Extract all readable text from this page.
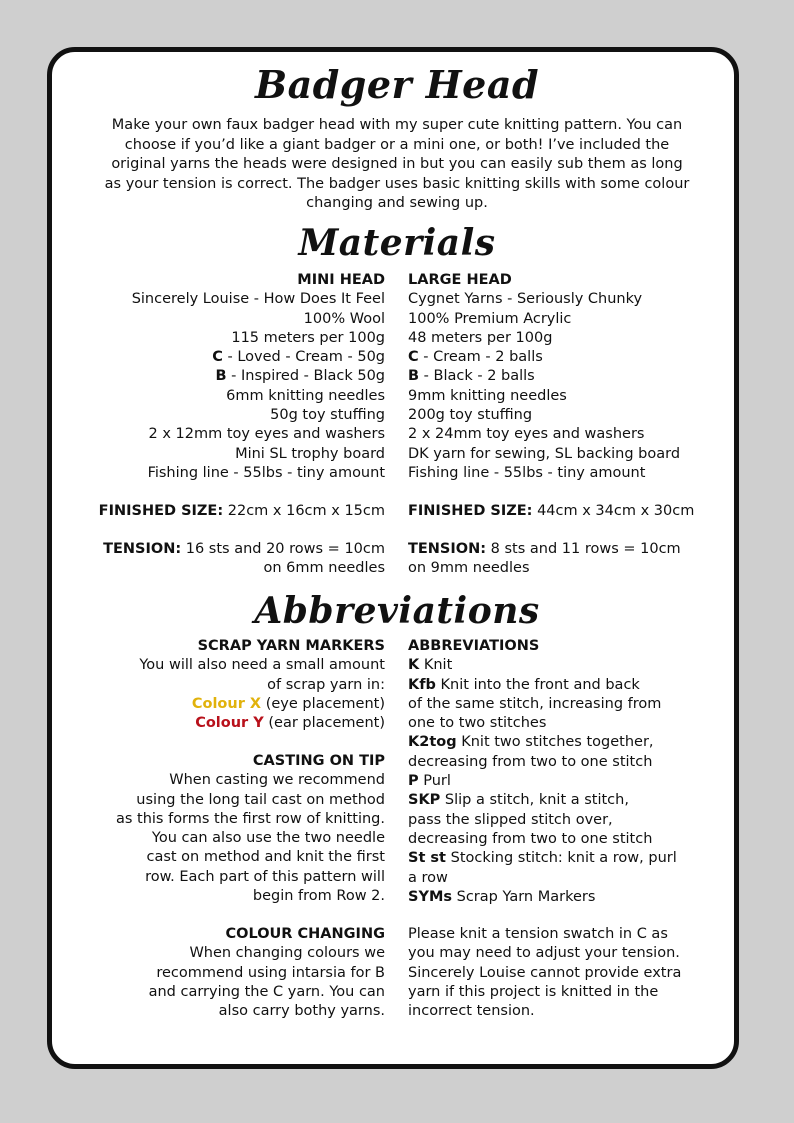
Badger Head
Make your own faux badger head with my super cute knitting pattern. You can
choose if you’d like a giant badger or a mini one, or both! I’ve included the
original yarns the heads were designed in but you can easily sub them as long
as your tension is correct. The badger uses basic knitting skills with some colour
changing and sewing up.
Materials
MINI HEAD
Sincerely Louise - How Does It Feel
100% Wool
115 meters per 100g
C - Loved - Cream - 50g
B - Inspired - Black 50g
6mm knitting needles
50g toy stuffing
2 x 12mm toy eyes and washers
Mini SL trophy board
Fishing line - 55lbs - tiny amount
FINISHED SIZE: 22cm x 16cm x 15cm
TENSION: 16 sts and 20 rows = 10cm
on 6mm needles
LARGE HEAD
Cygnet Yarns - Seriously Chunky
100% Premium Acrylic
48 meters per 100g
C - Cream - 2 balls
B - Black - 2 balls
9mm knitting needles
200g toy stuffing
2 x 24mm toy eyes and washers
DK yarn for sewing, SL backing board
Fishing line - 55lbs - tiny amount
FINISHED SIZE: 44cm x 34cm x 30cm
TENSION: 8 sts and 11 rows = 10cm
on 9mm needles
Abbreviations
SCRAP YARN MARKERS
You will also need a small amount
of scrap yarn in:
Colour X (eye placement)
Colour Y (ear placement)
CASTING ON TIP
When casting we recommend
using the long tail cast on method
as this forms the first row of knitting.
You can also use the two needle
cast on method and knit the first
row. Each part of this pattern will
begin from Row 2.
COLOUR CHANGING
When changing colours we
recommend using intarsia for B
and carrying the C yarn. You can
also carry bothy yarns.
ABBREVIATIONS
K Knit
Kfb Knit into the front and back
of the same stitch, increasing from
one to two stitches
K2tog Knit two stitches together,
decreasing from two to one stitch
P Purl
SKP Slip a stitch, knit a stitch,
pass the slipped stitch over,
decreasing from two to one stitch
St st Stocking stitch: knit a row, purl
a row
SYMs Scrap Yarn Markers
Please knit a tension swatch in C as
you may need to adjust your tension.
Sincerely Louise cannot provide extra
yarn if this project is knitted in the
incorrect tension.
